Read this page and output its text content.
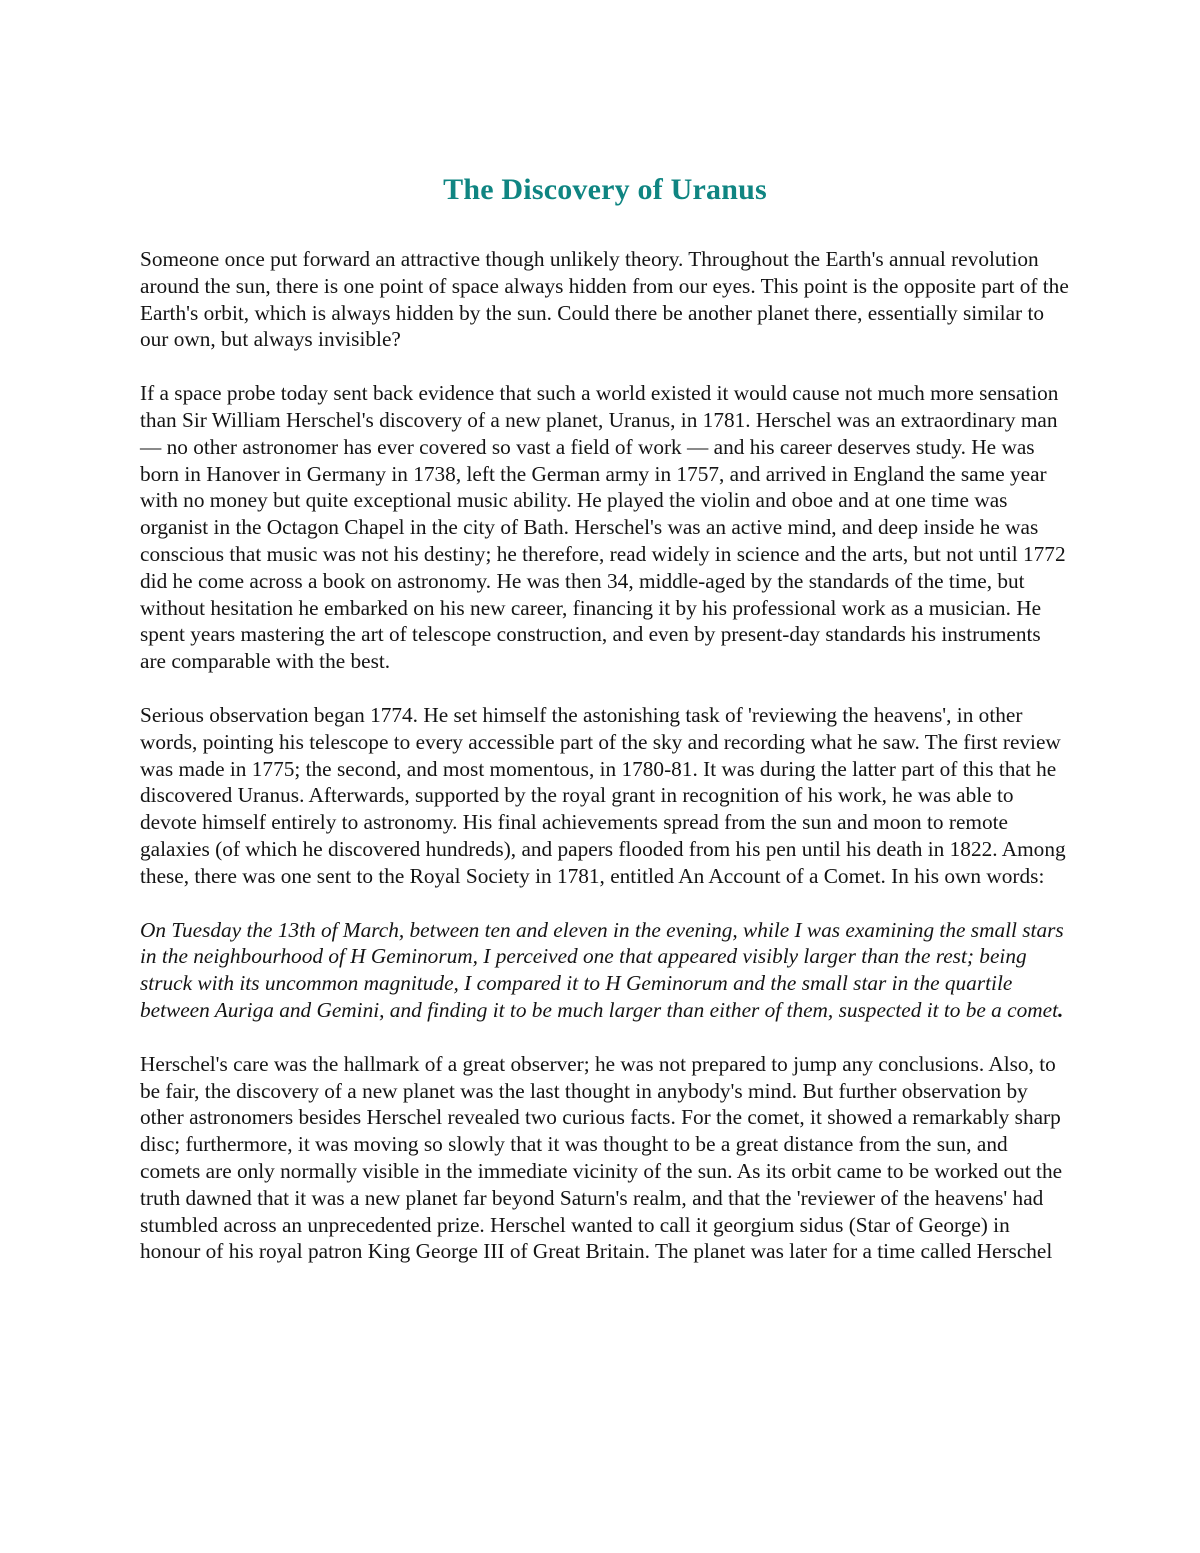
The Discovery of Uranus

Someone once put forward an attractive though unlikely theory. Throughout the Earth's annual revolution around the sun, there is one point of space always hidden from our eyes. This point is the opposite part of the Earth's orbit, which is always hidden by the sun. Could there be another planet there, essentially similar to our own, but always invisible?

If a space probe today sent back evidence that such a world existed it would cause not much more sensation than Sir William Herschel's discovery of a new planet, Uranus, in 1781. Herschel was an extraordinary man — no other astronomer has ever covered so vast a field of work — and his career deserves study. He was born in Hanover in Germany in 1738, left the German army in 1757, and arrived in England the same year with no money but quite exceptional music ability. He played the violin and oboe and at one time was organist in the Octagon Chapel in the city of Bath. Herschel's was an active mind, and deep inside he was conscious that music was not his destiny; he therefore, read widely in science and the arts, but not until 1772 did he come across a book on astronomy. He was then 34, middle-aged by the standards of the time, but without hesitation he embarked on his new career, financing it by his professional work as a musician. He spent years mastering the art of telescope construction, and even by present-day standards his instruments are comparable with the best.

Serious observation began 1774. He set himself the astonishing task of 'reviewing the heavens', in other words, pointing his telescope to every accessible part of the sky and recording what he saw. The first review was made in 1775; the second, and most momentous, in 1780-81. It was during the latter part of this that he discovered Uranus. Afterwards, supported by the royal grant in recognition of his work, he was able to devote himself entirely to astronomy. His final achievements spread from the sun and moon to remote galaxies (of which he discovered hundreds), and papers flooded from his pen until his death in 1822. Among these, there was one sent to the Royal Society in 1781, entitled An Account of a Comet. In his own words:

On Tuesday the 13th of March, between ten and eleven in the evening, while I was examining the small stars in the neighbourhood of H Geminorum, I perceived one that appeared visibly larger than the rest; being struck with its uncommon magnitude, I compared it to H Geminorum and the small star in the quartile between Auriga and Gemini, and finding it to be much larger than either of them, suspected it to be a comet.

Herschel's care was the hallmark of a great observer; he was not prepared to jump any conclusions. Also, to be fair, the discovery of a new planet was the last thought in anybody's mind. But further observation by other astronomers besides Herschel revealed two curious facts. For the comet, it showed a remarkably sharp disc; furthermore, it was moving so slowly that it was thought to be a great distance from the sun, and comets are only normally visible in the immediate vicinity of the sun. As its orbit came to be worked out the truth dawned that it was a new planet far beyond Saturn's realm, and that the 'reviewer of the heavens' had stumbled across an unprecedented prize. Herschel wanted to call it georgium sidus (Star of George) in honour of his royal patron King George III of Great Britain. The planet was later for a time called Herschel
